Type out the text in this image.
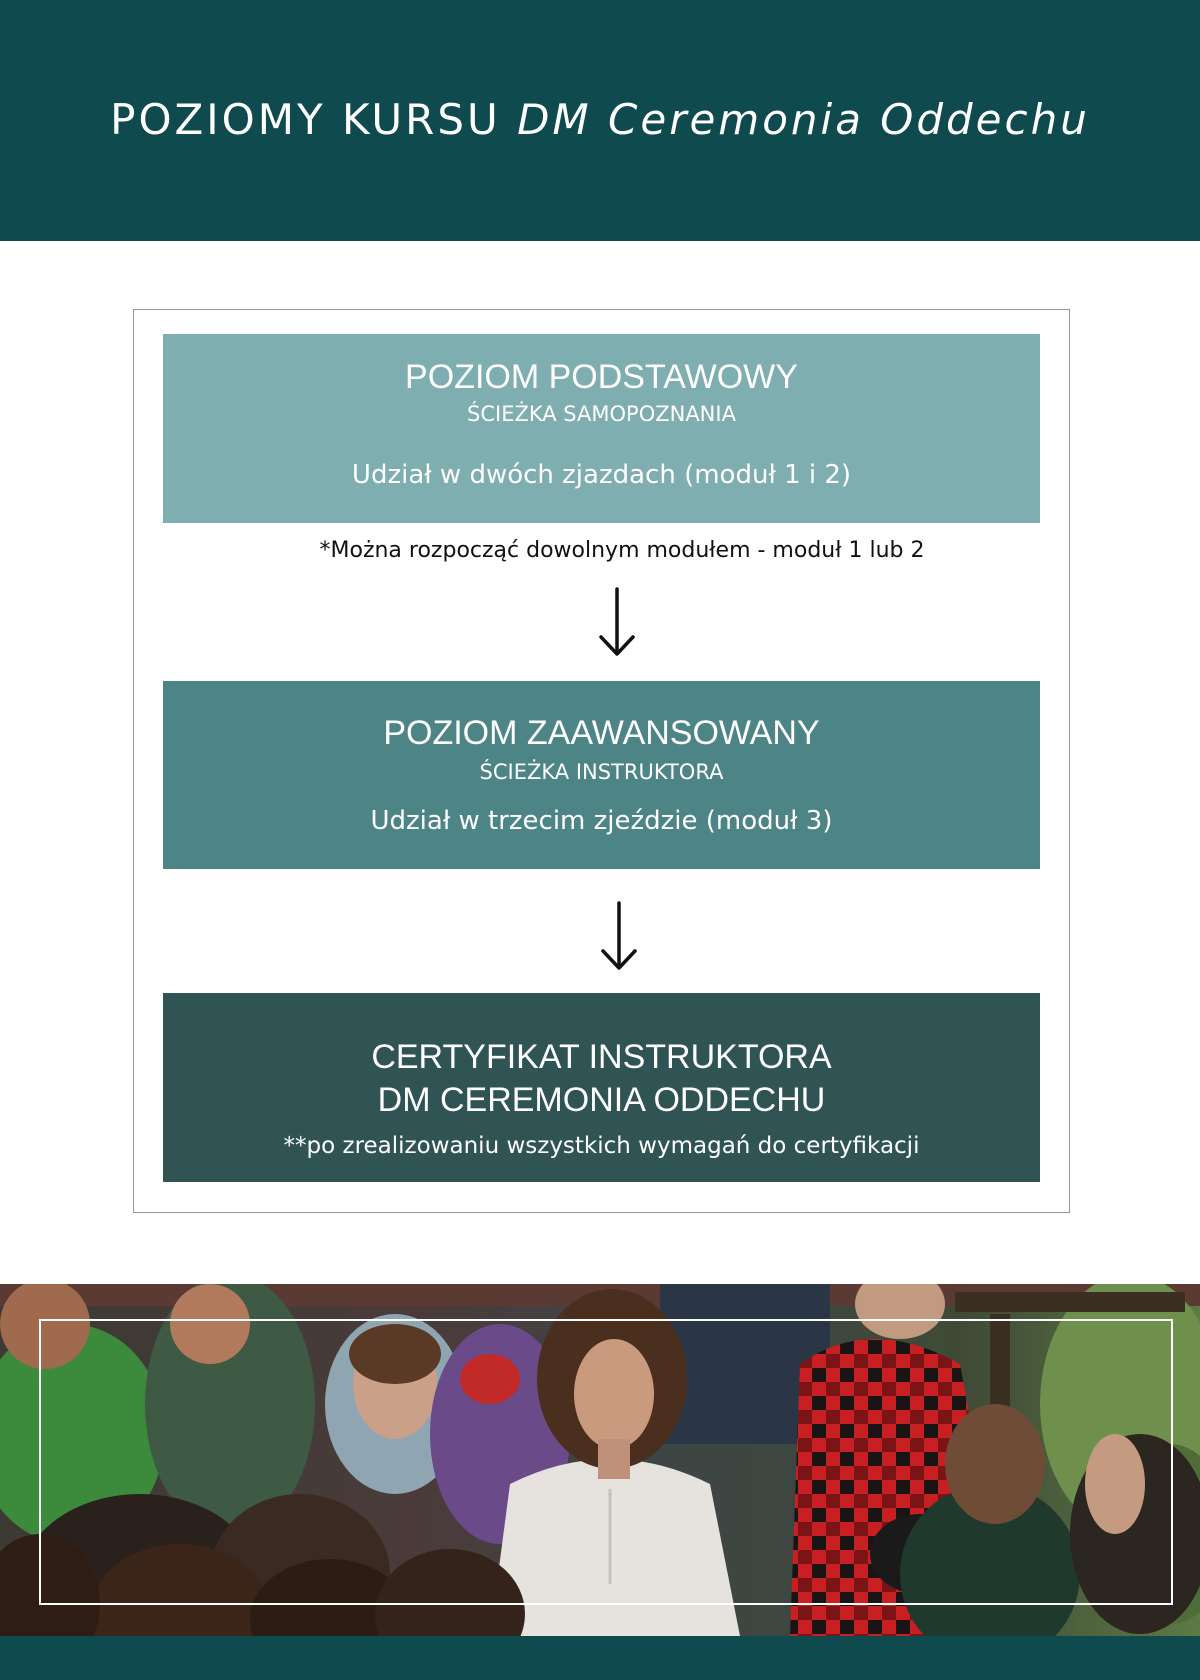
POZIOMY KURSU DM Ceremonia Oddechu
POZIOM PODSTAWOWY
ŚCIEŻKA SAMOPOZNANIA
Udział w dwóch zjazdach (moduł 1 i 2)
*Można rozpocząć dowolnym modułem - moduł 1 lub 2
POZIOM ZAAWANSOWANY
ŚCIEŻKA INSTRUKTORA
Udział w trzecim zjeździe (moduł 3)
CERTYFIKAT INSTRUKTORA
DM CEREMONIA ODDECHU
**po zrealizowaniu wszystkich wymagań do certyfikacji
